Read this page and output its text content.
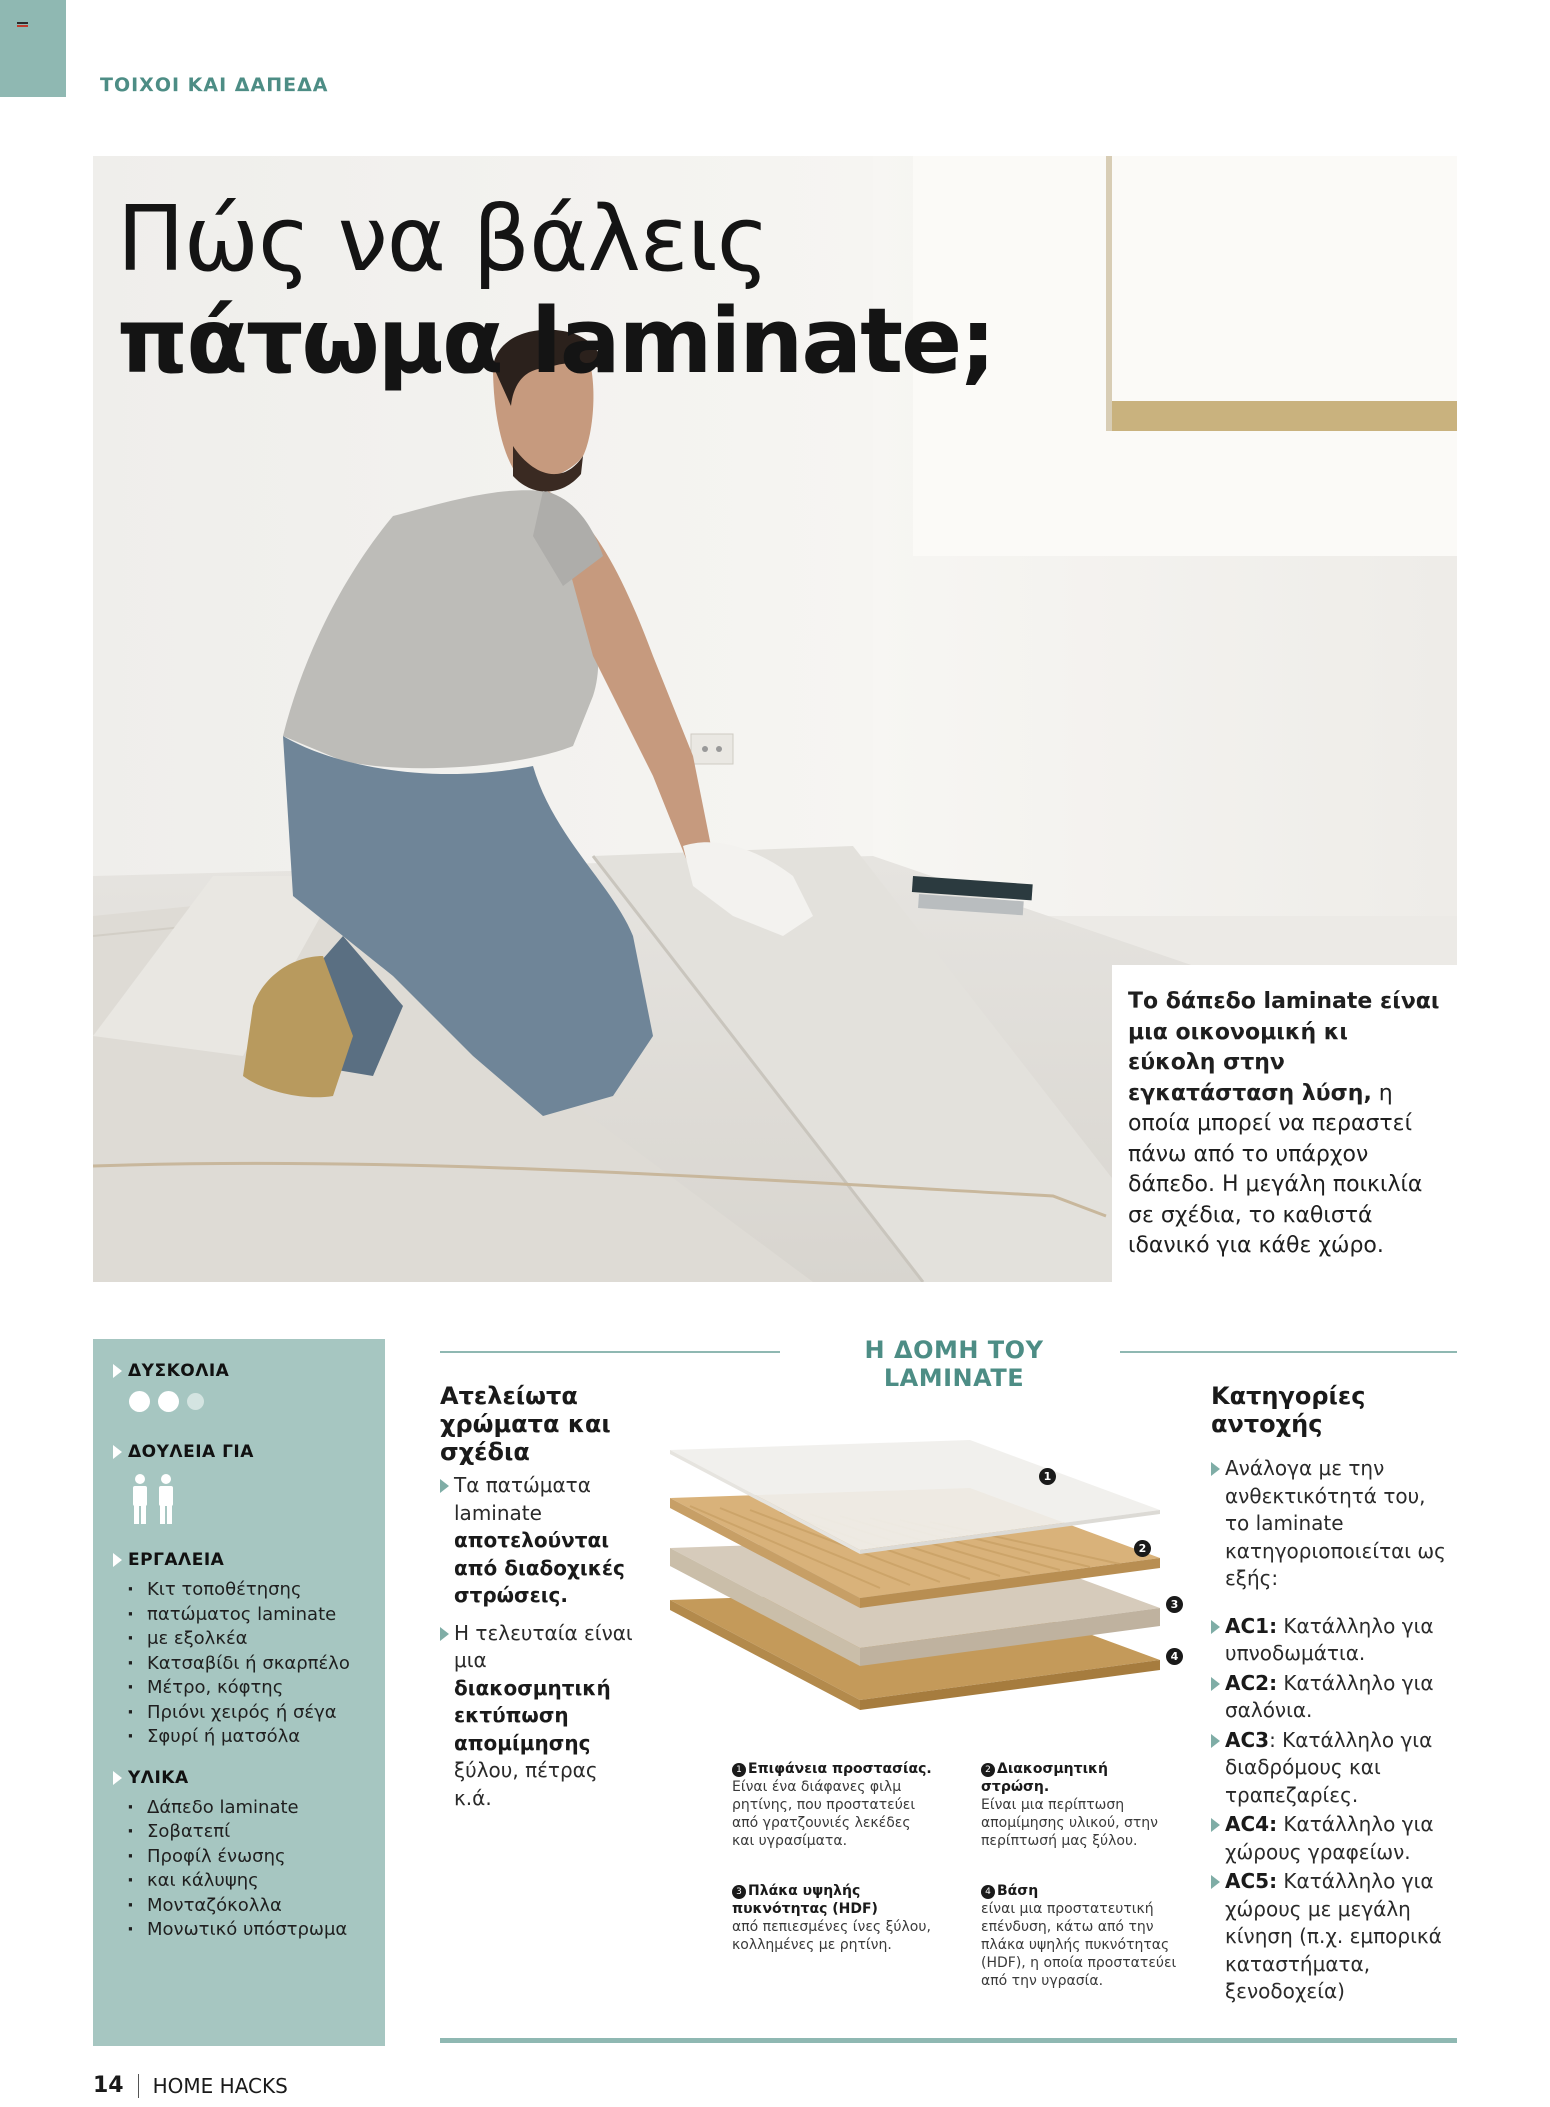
ΤΟΙΧΟΙ ΚΑΙ ΔΑΠΕΔΑ
Πώς να βάλεις
πάτωμα laminate;
Το δάπεδο laminate είναι μια οικονομική κι εύκολη στην εγκατάσταση λύση, η οποία μπορεί να περαστεί πάνω από το υπάρχον δάπεδο. Η μεγάλη ποικιλία σε σχέδια, το καθιστά ιδανικό για κάθε χώρο.
ΔΥΣΚΟΛΙΑ
ΔΟΥΛΕΙΑ ΓΙΑ
ΕΡΓΑΛΕΙΑ
· Κιτ τοποθέτησης
· πατώματος laminate
· με εξολκέα
· Κατσαβίδι ή σκαρπέλο
· Μέτρο, κόφτης
· Πριόνι χειρός ή σέγα
· Σφυρί ή ματσόλα
ΥΛΙΚΑ
· Δάπεδο laminate
· Σοβατεπί
· Προφίλ ένωσης
· και κάλυψης
· Μονταζόκολλα
· Μονωτικό υπόστρωμα
Η ΔΟΜΗ ΤΟΥ LAMINATE
Ατελείωτα
χρώματα και
σχέδια

Τα πατώματα laminate αποτελούνται από διαδοχικές στρώσεις.

Η τελευταία είναι μια διακοσμητική εκτύπωση απομίμησης ξύλου, πέτρας κ.ά.

1
2
3
4
1 Επιφάνεια προστασίας.
Είναι ένα διάφανες φιλμ ρητίνης, που προστατεύει από γρατζουνιές λεκέδες και υγρασίματα.
2 Διακοσμητική στρώση.
Είναι μια περίπτωση απομίμησης υλικού, στην περίπτωσή μας ξύλου.
3 Πλάκα υψηλής πυκνότητας (HDF)
από πεπιεσμένες ίνες ξύλου, κολλημένες με ρητίνη.
4 Βάση
είναι μια προστατευτική επένδυση, κάτω από την πλάκα υψηλής πυκνότητας (HDF), η οποία προστατεύει από την υγρασία.
Κατηγορίες
αντοχής

Ανάλογα με την ανθεκτικότητά του, το laminate κατηγοριοποιείται ως εξής:

AC1: Κατάλληλο για υπνοδωμάτια.

AC2: Κατάλληλο για σαλόνια.

AC3: Κατάλληλο για διαδρόμους και τραπεζαρίες.

AC4: Κατάλληλο για χώρους γραφείων.

AC5: Κατάλληλο για χώρους με μεγάλη κίνηση (π.χ. εμπορικά καταστήματα, ξενοδοχεία)

14 HOME HACKS
